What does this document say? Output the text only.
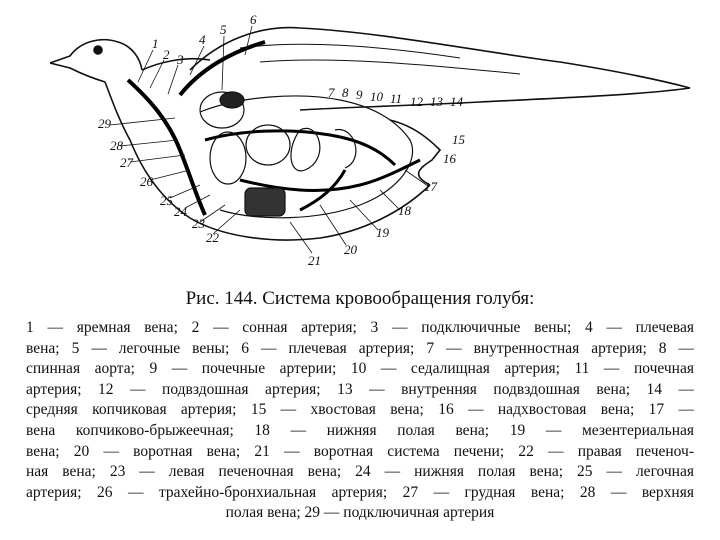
1
2 3
4
5
6
7 8 9 10 11 12 13 14
15
16
17
18
19
20
21
22
23
24
25
26
27
28
29
Рис. 144. Система кровообращения голубя:
1 — яремная вена; 2 — сонная артерия; 3 — подключичные вены; 4 — плечевая
вена; 5 — легочные вены; 6 — плечевая артерия; 7 — внутренностная артерия; 8 —
спинная аорта; 9 — почечные артерии; 10 — седалищная артерия; 11 — почечная
артерия; 12 — подвздошная артерия; 13 — внутренняя подвздошная вена; 14 —
средняя копчиковая артерия; 15 — хвостовая вена; 16 — надхвостовая вена; 17 —
вена копчиково-брыжеечная; 18 — нижняя полая вена; 19 — мезентериальная
вена; 20 — воротная вена; 21 — воротная система печени; 22 — правая печеноч-
ная вена; 23 — левая печеночная вена; 24 — нижняя полая вена; 25 — легочная
артерия; 26 — трахейно-бронхиальная артерия; 27 — грудная вена; 28 — верхняя
полая вена; 29 — подключичная артерия
